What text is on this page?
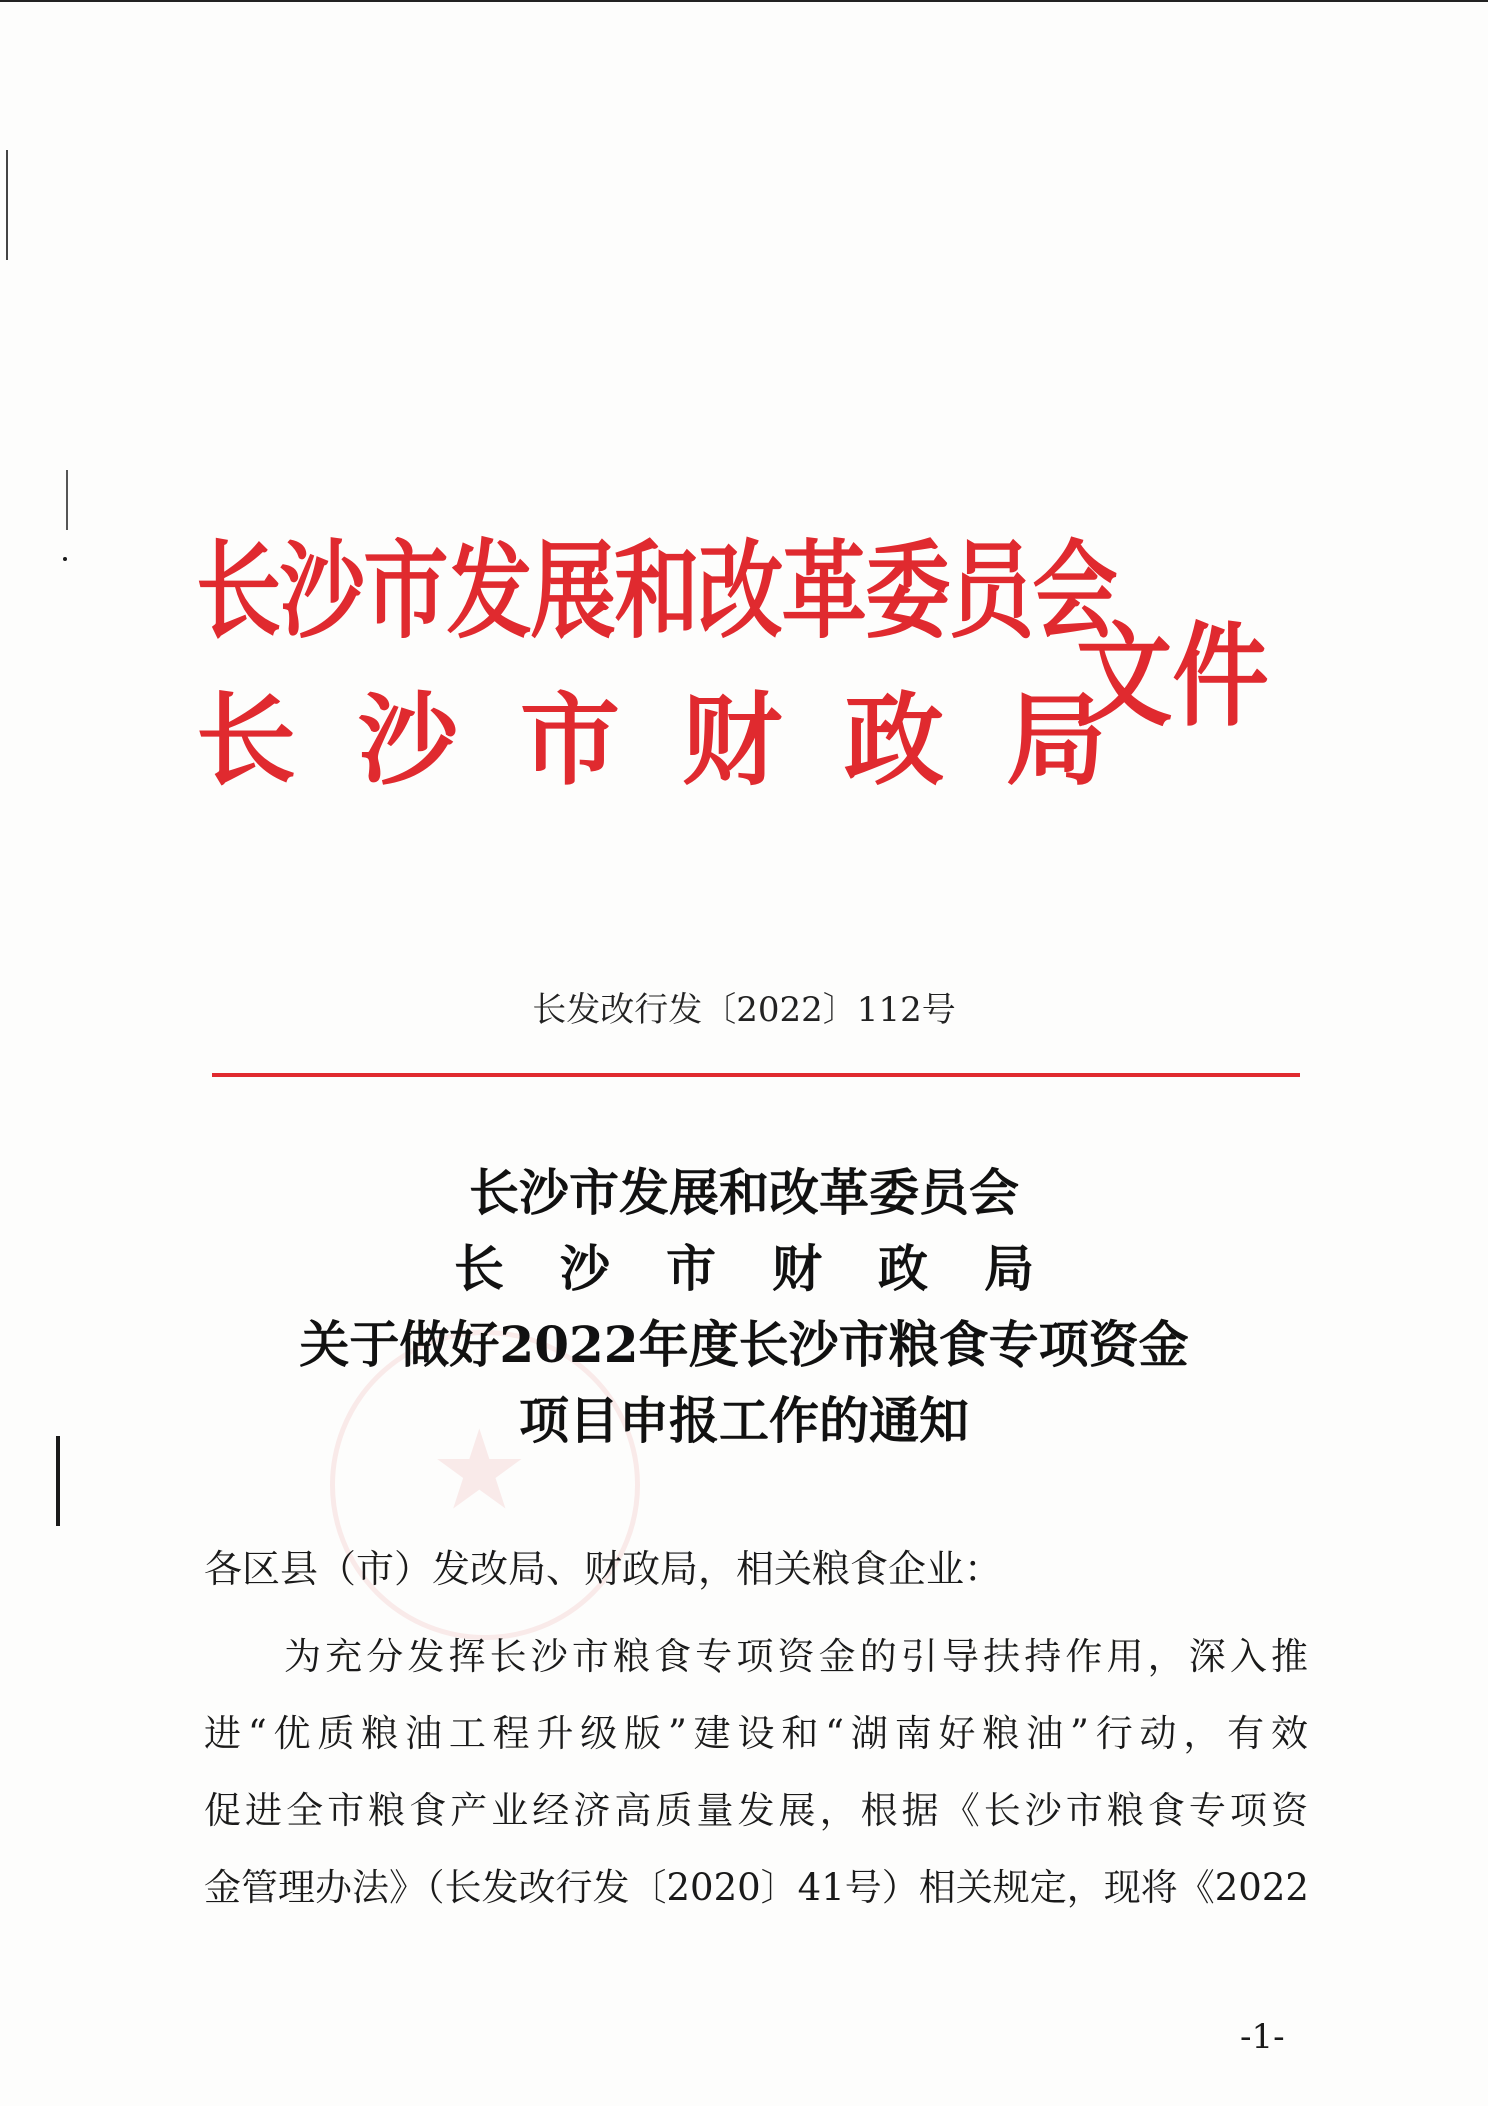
★
长沙市发展和改革委员会
长沙市财政局
文件
长发改行发〔2022〕112号
长沙市发展和改革委员会
长沙市财政局
关于做好2022年度长沙市粮食专项资金
项目申报工作的通知
各区县（市）发改局、财政局，相关粮食企业：
为充分发挥长沙市粮食专项资金的引导扶持作用，深入推
进“优质粮油工程升级版”建设和“湖南好粮油”行动，有效
促进全市粮食产业经济高质量发展，根据《长沙市粮食专项资
金管理办法》（长发改行发〔2020〕41号）相关规定，现将《2022
-1-
